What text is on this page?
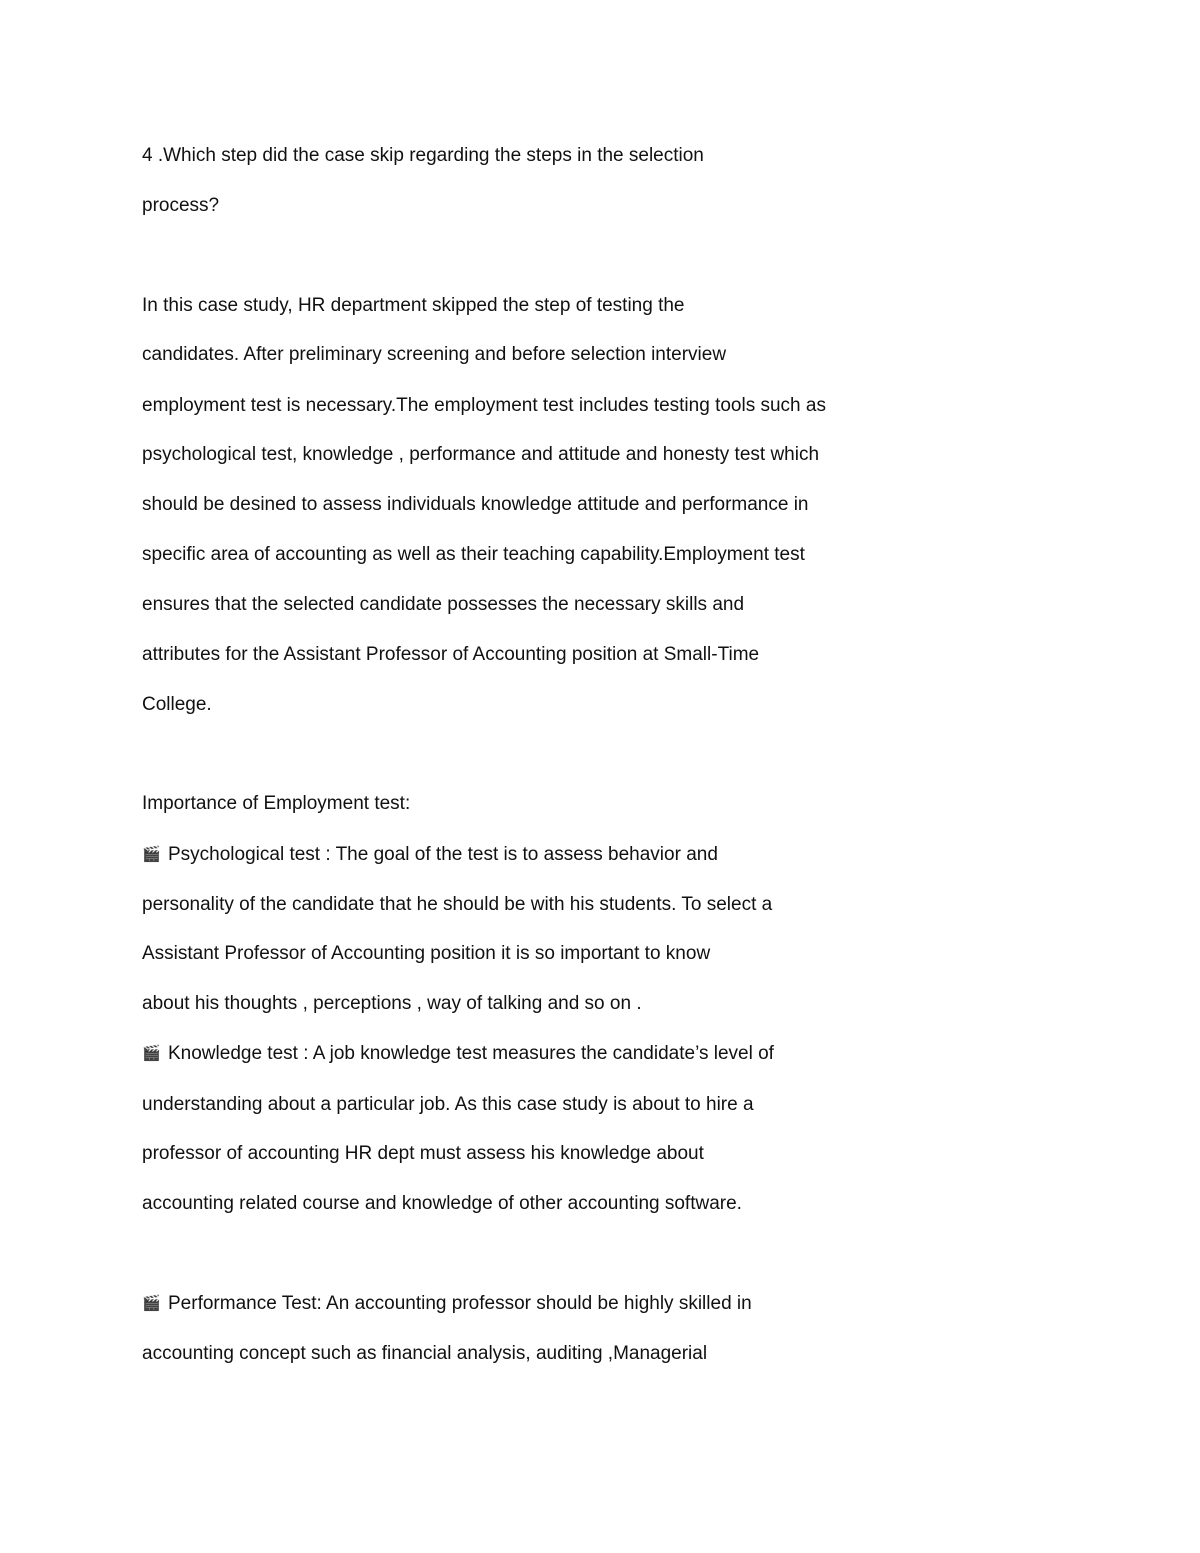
4 .Which step did the case skip regarding the steps in the selection
process?
In this case study, HR department skipped the step of testing the
candidates. After preliminary screening and before selection interview
employment test is necessary.The employment test includes testing tools such as
psychological test, knowledge , performance and attitude and honesty test which
should be desined to assess individuals knowledge attitude and performance in
specific area of accounting as well as their teaching capability.Employment test
ensures that the selected candidate possesses the necessary skills and
attributes for the Assistant Professor of Accounting position at Small-Time
College.
Importance of Employment test:
🎬 Psychological test : The goal of the test is to assess behavior and
personality of the candidate that he should be with his students. To select a
Assistant Professor of Accounting position it is so important to know
about his thoughts , perceptions , way of talking and so on .
🎬 Knowledge test : A job knowledge test measures the candidate’s level of
understanding about a particular job. As this case study is about to hire a
professor of accounting HR dept must assess his knowledge about
accounting related course and knowledge of other accounting software.
🎬 Performance Test: An accounting professor should be highly skilled in
accounting concept such as financial analysis, auditing ,Managerial
